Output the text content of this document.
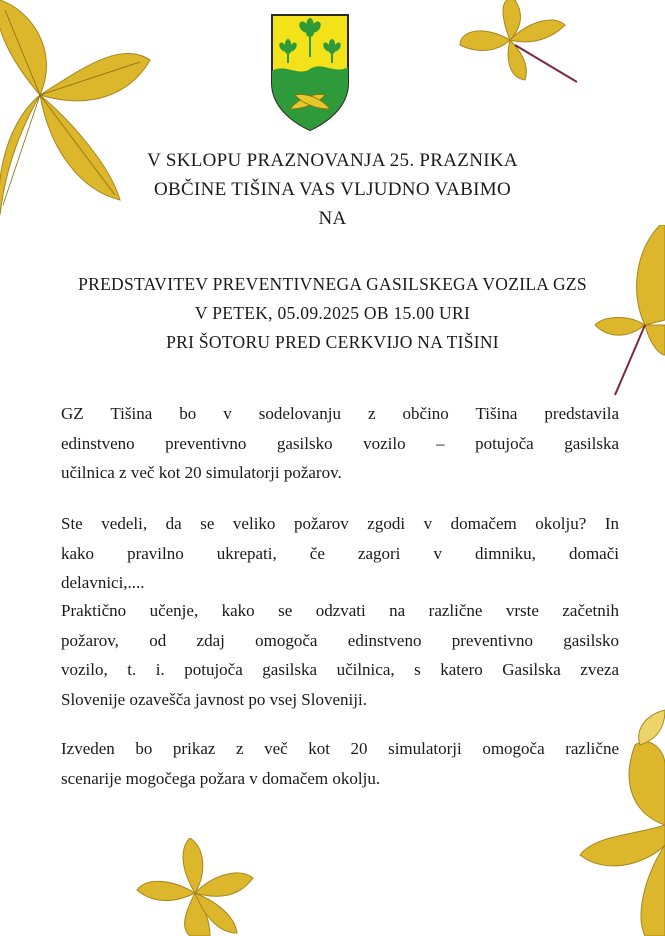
V SKLOPU PRAZNOVANJA 25. PRAZNIKA
OBČINE TIŠINA VAS VLJUDNO VABIMO
NA
PREDSTAVITEV PREVENTIVNEGA GASILSKEGA VOZILA GZS
V PETEK, 05.09.2025 OB 15.00 URI
PRI ŠOTORU PRED CERKVIJO NA TIŠINI
GZ Tišina bo v sodelovanju z občino Tišina predstavila
edinstveno preventivno gasilsko vozilo – potujoča gasilska
učilnica z več kot 20 simulatorji požarov.
Ste vedeli, da se veliko požarov zgodi v domačem okolju? In
kako pravilno ukrepati, če zagori v dimniku, domači
delavnici,....
Praktično učenje, kako se odzvati na različne vrste začetnih
požarov, od zdaj omogoča edinstveno preventivno gasilsko
vozilo, t. i. potujoča gasilska učilnica, s katero Gasilska zveza
Slovenije ozavešča javnost po vsej Sloveniji.
Izveden bo prikaz z več kot 20 simulatorji omogoča različne
scenarije mogočega požara v domačem okolju.
